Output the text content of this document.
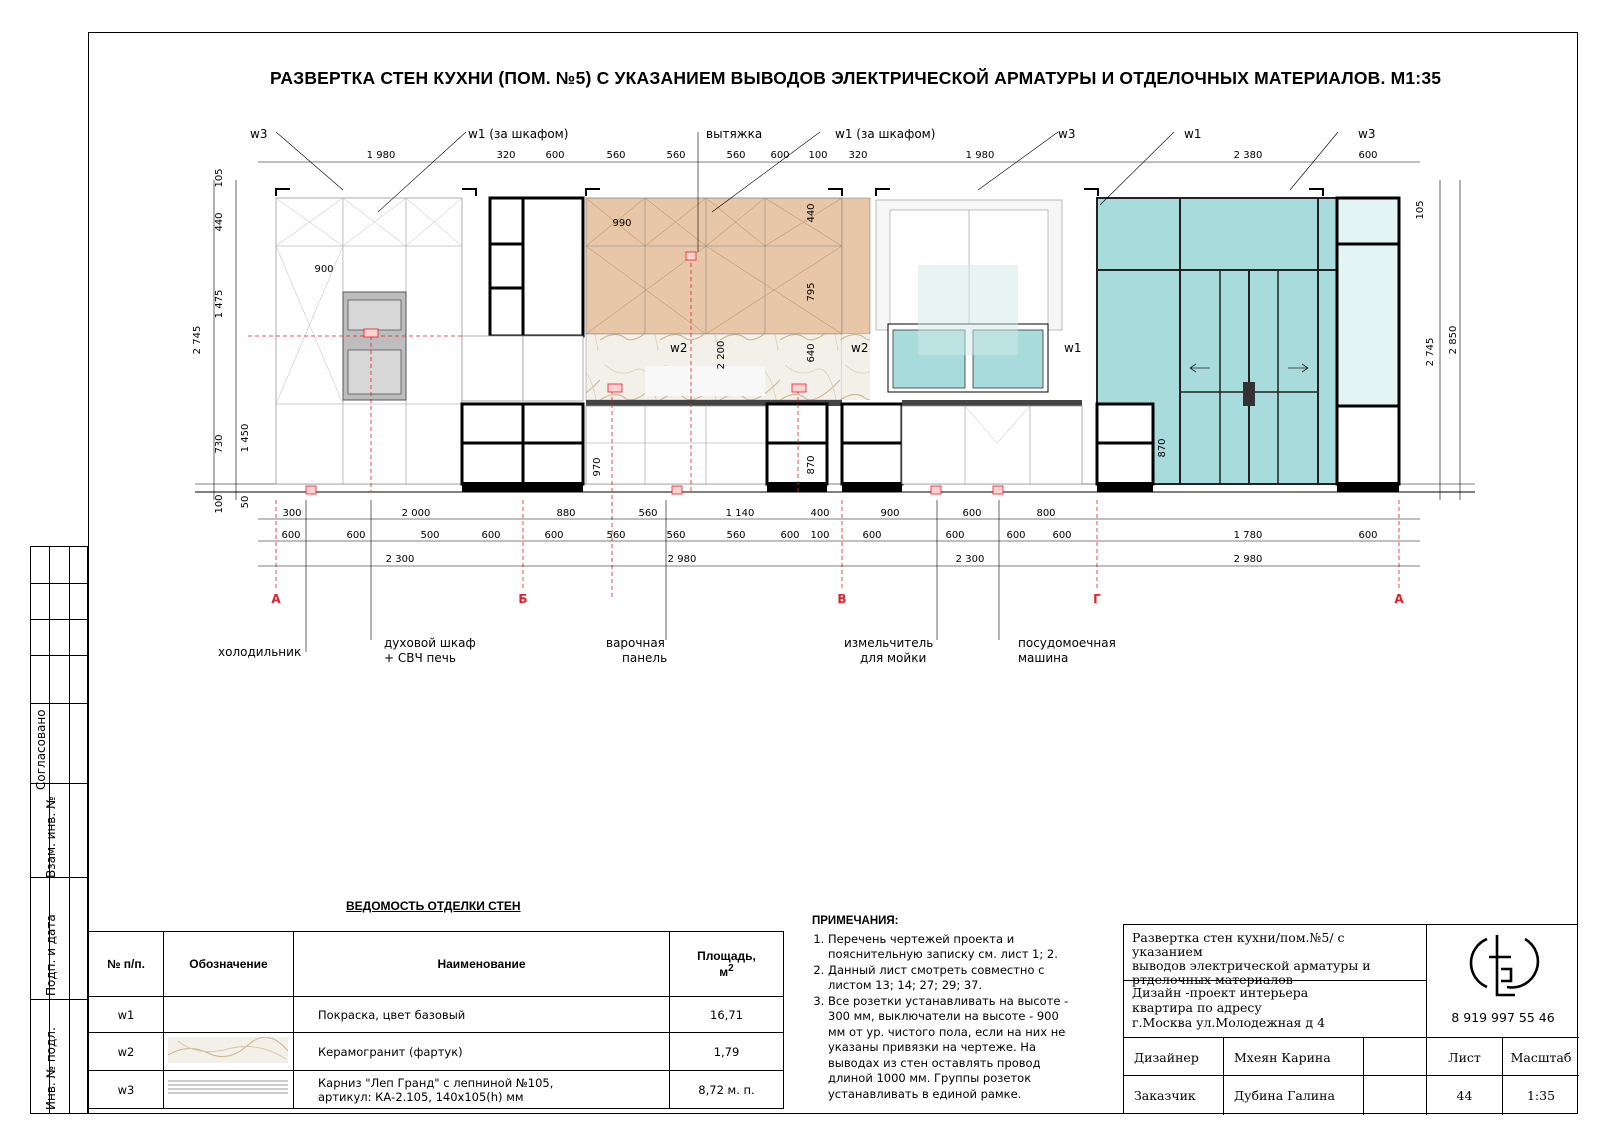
РАЗВЕРТКА СТЕН КУХНИ (ПОМ. №5) С УКАЗАНИЕМ ВЫВОДОВ ЭЛЕКТРИЧЕСКОЙ АРМАТУРЫ И ОТДЕЛОЧНЫХ МАТЕРИАЛОВ. М1:35
w3	w1 (за шкафом)	вытяжка	w1 (за шкафом)	w3	w1	w3
w2	w2	w1
1 980	320	600	560	560	560 600 100 320	1 980	2 380	600
105
440
1 475
730
100
2 745
1 450
50
105
2 745 2 850
900
990
440
795
2 200	640
970	870
870
300	2 000	880	560	1 140	400	900	600	800
600	600	500	600	600	560	560	560	600 100	600	600	600	600	1 780	600
2 300	2 980	2 300	2 980
А	Б	В	Г	А
холодильник
духовой шкаф
+ СВЧ печь
варочная
панель
измельчитель
для мойки
посудомоечная
машина
Согласовано
Взам. инв. №
Подп. и дата
Инв. № подл.
ВЕДОМОСТЬ ОТДЕЛКИ СТЕН
№ п/п.	Обозначение	Наименование	Площадь,
$м^2$
w1		Покраска, цвет базовый	16,71
w2		Керамогранит (фартук)	1,79
w3		Карниз "Леп Гранд" с лепниной №105,
артикул: КА-2.105, 140х105(h) мм	8,72 м. п.
ПРИМЕЧАНИЯ:
1. Перечень чертежей проекта и пояснительную записку см. лист 1; 2.
2. Данный лист смотреть совместно с листом 13; 14; 27; 29; 37.
3. Все розетки устанавливать на высоте - 300 мм, выключатели на высоте - 900 мм от ур. чистого пола, если на них не указаны привязки на чертеже. На выводах из стен оставлять провод длиной 1000 мм. Группы розеток устанавливать в единой рамке.
Развертка стен кухни/пом.№5/ с указанием
выводов электрической арматуры и
ртделочных материалов
Дизайн -проект интерьера
квартира по адресу
г.Москва ул.Молодежная д 4
Дизайнер	Мхеян Карина
Заказчик	Дубина Галина
8 919 997 55 46
Лист	Масштаб
44	1:35
